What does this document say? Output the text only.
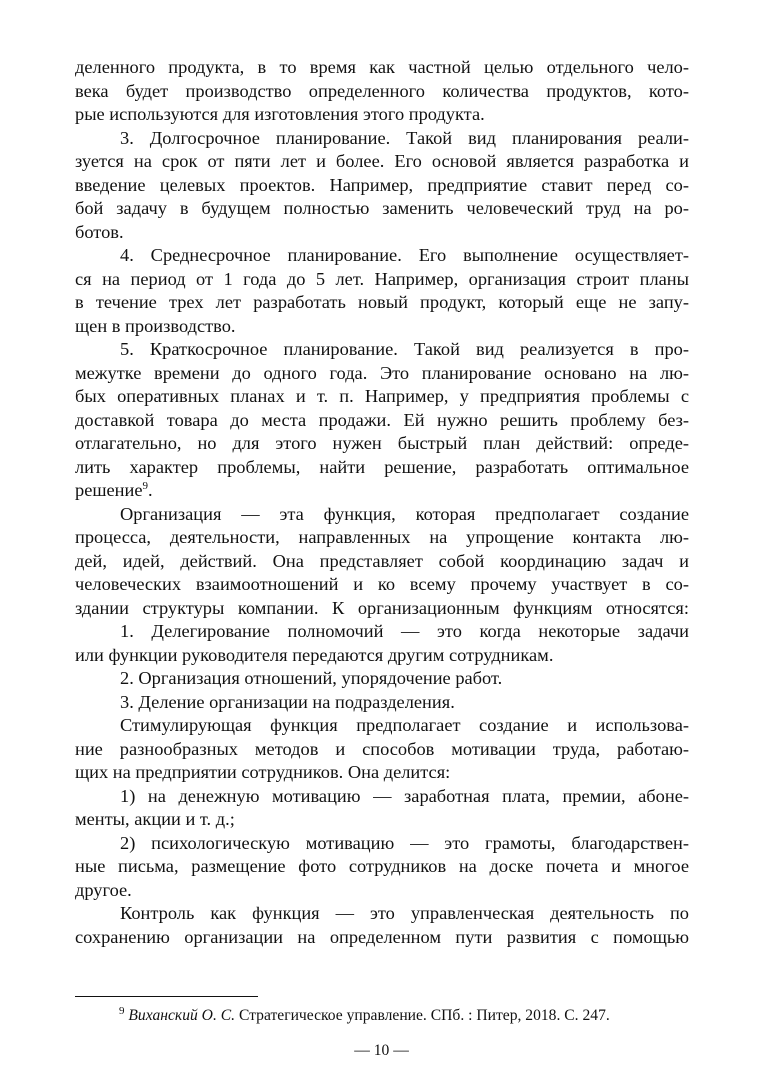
деленного продукта, в то время как частной целью отдельного чело-
века будет производство определенного количества продуктов, кото-
рые используются для изготовления этого продукта.
3. Долгосрочное планирование. Такой вид планирования реали-
зуется на срок от пяти лет и более. Его основой является разработка и
введение целевых проектов. Например, предприятие ставит перед со-
бой задачу в будущем полностью заменить человеческий труд на ро-
ботов.
4. Среднесрочное планирование. Его выполнение осуществляет-
ся на период от 1 года до 5 лет. Например, организация строит планы
в течение трех лет разработать новый продукт, который еще не запу-
щен в производство.
5. Краткосрочное планирование. Такой вид реализуется в про-
межутке времени до одного года. Это планирование основано на лю-
бых оперативных планах и т. п. Например, у предприятия проблемы с
доставкой товара до места продажи. Ей нужно решить проблему без-
отлагательно, но для этого нужен быстрый план действий: опреде-
лить характер проблемы, найти решение, разработать оптимальное
решение$^9$.
Организация — эта функция, которая предполагает создание
процесса, деятельности, направленных на упрощение контакта лю-
дей, идей, действий. Она представляет собой координацию задач и
человеческих взаимоотношений и ко всему прочему участвует в со-
здании структуры компании. К организационным функциям относятся:
1. Делегирование полномочий — это когда некоторые задачи
или функции руководителя передаются другим сотрудникам.
2. Организация отношений, упорядочение работ.
3. Деление организации на подразделения.
Стимулирующая функция предполагает создание и использова-
ние разнообразных методов и способов мотивации труда, работаю-
щих на предприятии сотрудников. Она делится:
1) на денежную мотивацию — заработная плата, премии, абоне-
менты, акции и т. д.;
2) психологическую мотивацию — это грамоты, благодарствен-
ные письма, размещение фото сотрудников на доске почета и многое
другое.
Контроль как функция — это управленческая деятельность по
сохранению организации на определенном пути развития с помощью
$^9$ Виханский О. С. Стратегическое управление. СПб. : Питер, 2018. С. 247.
— 10 —
